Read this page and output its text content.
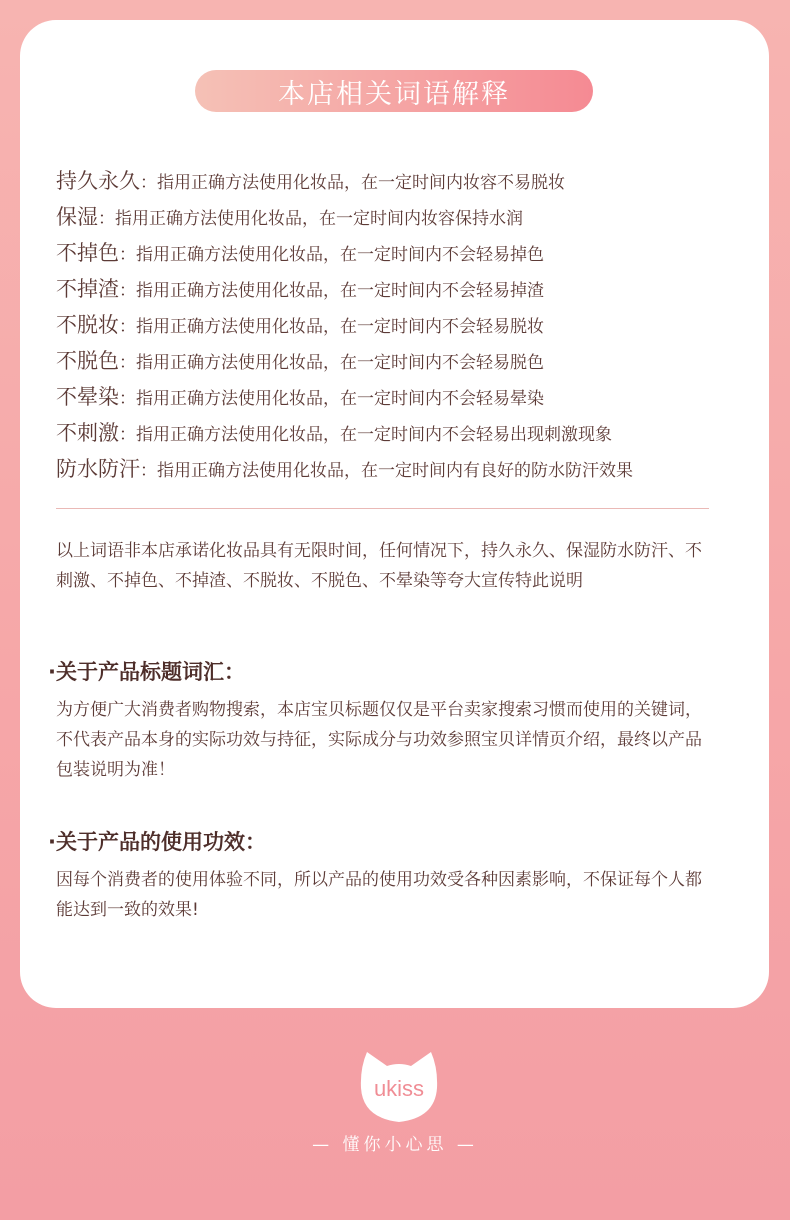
本店相关词语解释
持久永久 ： 指用正确方法使用化妆品，在一定时间内妆容不易脱妆
保湿 ： 指用正确方法使用化妆品，在一定时间内妆容保持水润
不掉色 ： 指用正确方法使用化妆品，在一定时间内不会轻易掉色
不掉渣 ： 指用正确方法使用化妆品，在一定时间内不会轻易掉渣
不脱妆 ： 指用正确方法使用化妆品，在一定时间内不会轻易脱妆
不脱色 ： 指用正确方法使用化妆品，在一定时间内不会轻易脱色
不晕染 ： 指用正确方法使用化妆品，在一定时间内不会轻易晕染
不刺激 ： 指用正确方法使用化妆品，在一定时间内不会轻易出现刺激现象
防水防汗 ： 指用正确方法使用化妆品，在一定时间内有良好的防水防汗效果

以上词语非本店承诺化妆品具有无限时间，任何情况下，持久永久、保湿防水防汗、不刺激、不掉色、不掉渣、不脱妆、不脱色、不晕染等夸大宣传特此说明

·关于产品标题词汇：

为方便广大消费者购物搜索，本店宝贝标题仅仅是平台卖家搜索习惯而使用的关键词，不代表产品本身的实际功效与持征，实际成分与功效参照宝贝详情页介绍，最终以产品包装说明为准！

·关于产品的使用功效：

因每个消费者的使用体验不同，所以产品的使用功效受各种因素影响，不保证每个人都能达到一致的效果!

ukiss
— 懂你小心思 —
